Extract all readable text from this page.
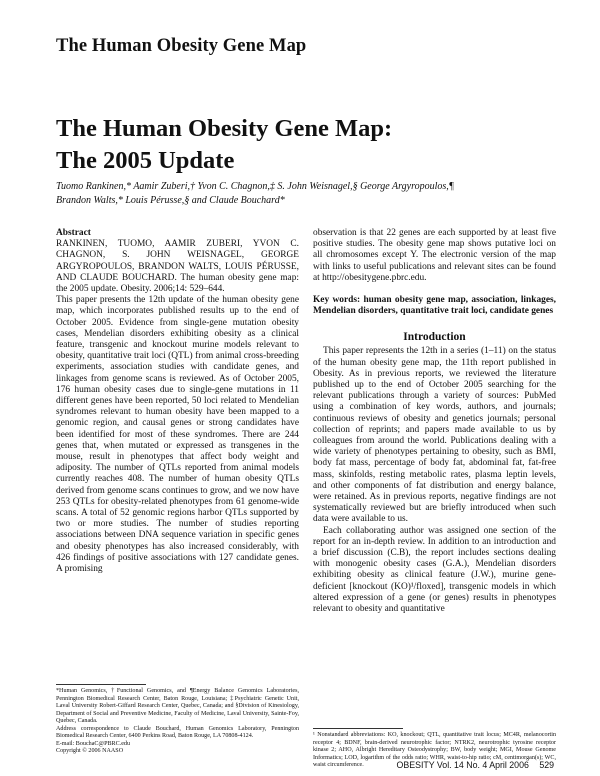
The Human Obesity Gene Map
The Human Obesity Gene Map:
The 2005 Update
Tuomo Rankinen,* Aamir Zuberi,† Yvon C. Chagnon,‡ S. John Weisnagel,§ George Argyropoulos,¶
Brandon Walts,* Louis Pérusse,§ and Claude Bouchard*

Abstract

RANKINEN, TUOMO, AAMIR ZUBERI, YVON C. CHAGNON, S. JOHN WEISNAGEL, GEORGE ARGYROPOULOS, BRANDON WALTS, LOUIS PÉRUSSE, AND CLAUDE BOUCHARD. The human obesity gene map: the 2005 update. Obesity. 2006;14: 529–644.

This paper presents the 12th update of the human obesity gene map, which incorporates published results up to the end of October 2005. Evidence from single-gene mutation obesity cases, Mendelian disorders exhibiting obesity as a clinical feature, transgenic and knockout murine models relevant to obesity, quantitative trait loci (QTL) from animal cross-breeding experiments, association studies with candidate genes, and linkages from genome scans is reviewed. As of October 2005, 176 human obesity cases due to single-gene mutations in 11 different genes have been reported, 50 loci related to Mendelian syndromes relevant to human obesity have been mapped to a genomic region, and causal genes or strong candidates have been identified for most of these syndromes. There are 244 genes that, when mutated or expressed as transgenes in the mouse, result in phenotypes that affect body weight and adiposity. The number of QTLs reported from animal models currently reaches 408. The number of human obesity QTLs derived from genome scans continues to grow, and we now have 253 QTLs for obesity-related phenotypes from 61 genome-wide scans. A total of 52 genomic regions harbor QTLs supported by two or more studies. The number of studies reporting associations between DNA sequence variation in specific genes and obesity phenotypes has also increased considerably, with 426 findings of positive associations with 127 candidate genes. A promising

observation is that 22 genes are each supported by at least five positive studies. The obesity gene map shows putative loci on all chromosomes except Y. The electronic version of the map with links to useful publications and relevant sites can be found at http://obesitygene.pbrc.edu.

Key words: human obesity gene map, association, linkages, Mendelian disorders, quantitative trait loci, candidate genes
Introduction

This paper represents the 12th in a series (1–11) on the status of the human obesity gene map, the 11th report published in Obesity. As in previous reports, we reviewed the literature published up to the end of October 2005 searching for the relevant publications through a variety of sources: PubMed using a combination of key words, authors, and journals; continuous reviews of obesity and genetics journals; personal collection of reprints; and papers made available to us by colleagues from around the world. Publications dealing with a wide variety of phenotypes pertaining to obesity, such as BMI, body fat mass, percentage of body fat, abdominal fat, fat-free mass, skinfolds, resting metabolic rates, plasma leptin levels, and other components of fat distribution and energy balance, were retained. As in previous reports, negative findings are not systematically reviewed but are briefly introduced when such data were available to us.

Each collaborating author was assigned one section of the report for an in-depth review. In addition to an introduction and a brief discussion (C.B), the report includes sections dealing with monogenic obesity cases (G.A.), Mendelian disorders exhibiting obesity as clinical feature (J.W.), murine gene-deficient [knockout (KO)¹/floxed], transgenic models in which altered expression of a gene (or genes) results in phenotypes relevant to obesity and quantitative

*Human Genomics, †Functional Genomics, and ¶Energy Balance Genomics Laboratories, Pennington Biomedical Research Center, Baton Rouge, Louisiana; ‡Psychiatric Genetic Unit, Laval University Robert-Giffard Research Center, Quebec, Canada; and §Division of Kinesiology, Department of Social and Preventive Medicine, Faculty of Medicine, Laval University, Sainte-Foy, Quebec, Canada.

Address correspondence to Claude Bouchard, Human Genomics Laboratory, Pennington Biomedical Research Center, 6400 Perkins Road, Baton Rouge, LA 70808-4124.

E-mail: BouchaC@PBRC.edu

Copyright © 2006 NAASO

¹ Nonstandard abbreviations: KO, knockout; QTL, quantitative trait locus; MC4R, melanocortin receptor 4; BDNF, brain-derived neurotrophic factor; NTRK2, neurotrophic tyrosine receptor kinase 2; AHO, Albright Hereditary Osteodystrophy; BW, body weight; MGI, Mouse Genome Informatics; LOD, logarithm of the odds ratio; WHR, waist-to-hip ratio; cM, centimorgan(s); WC, waist circumference.	OBESITY Vol. 14 No. 4 April 2006 529
